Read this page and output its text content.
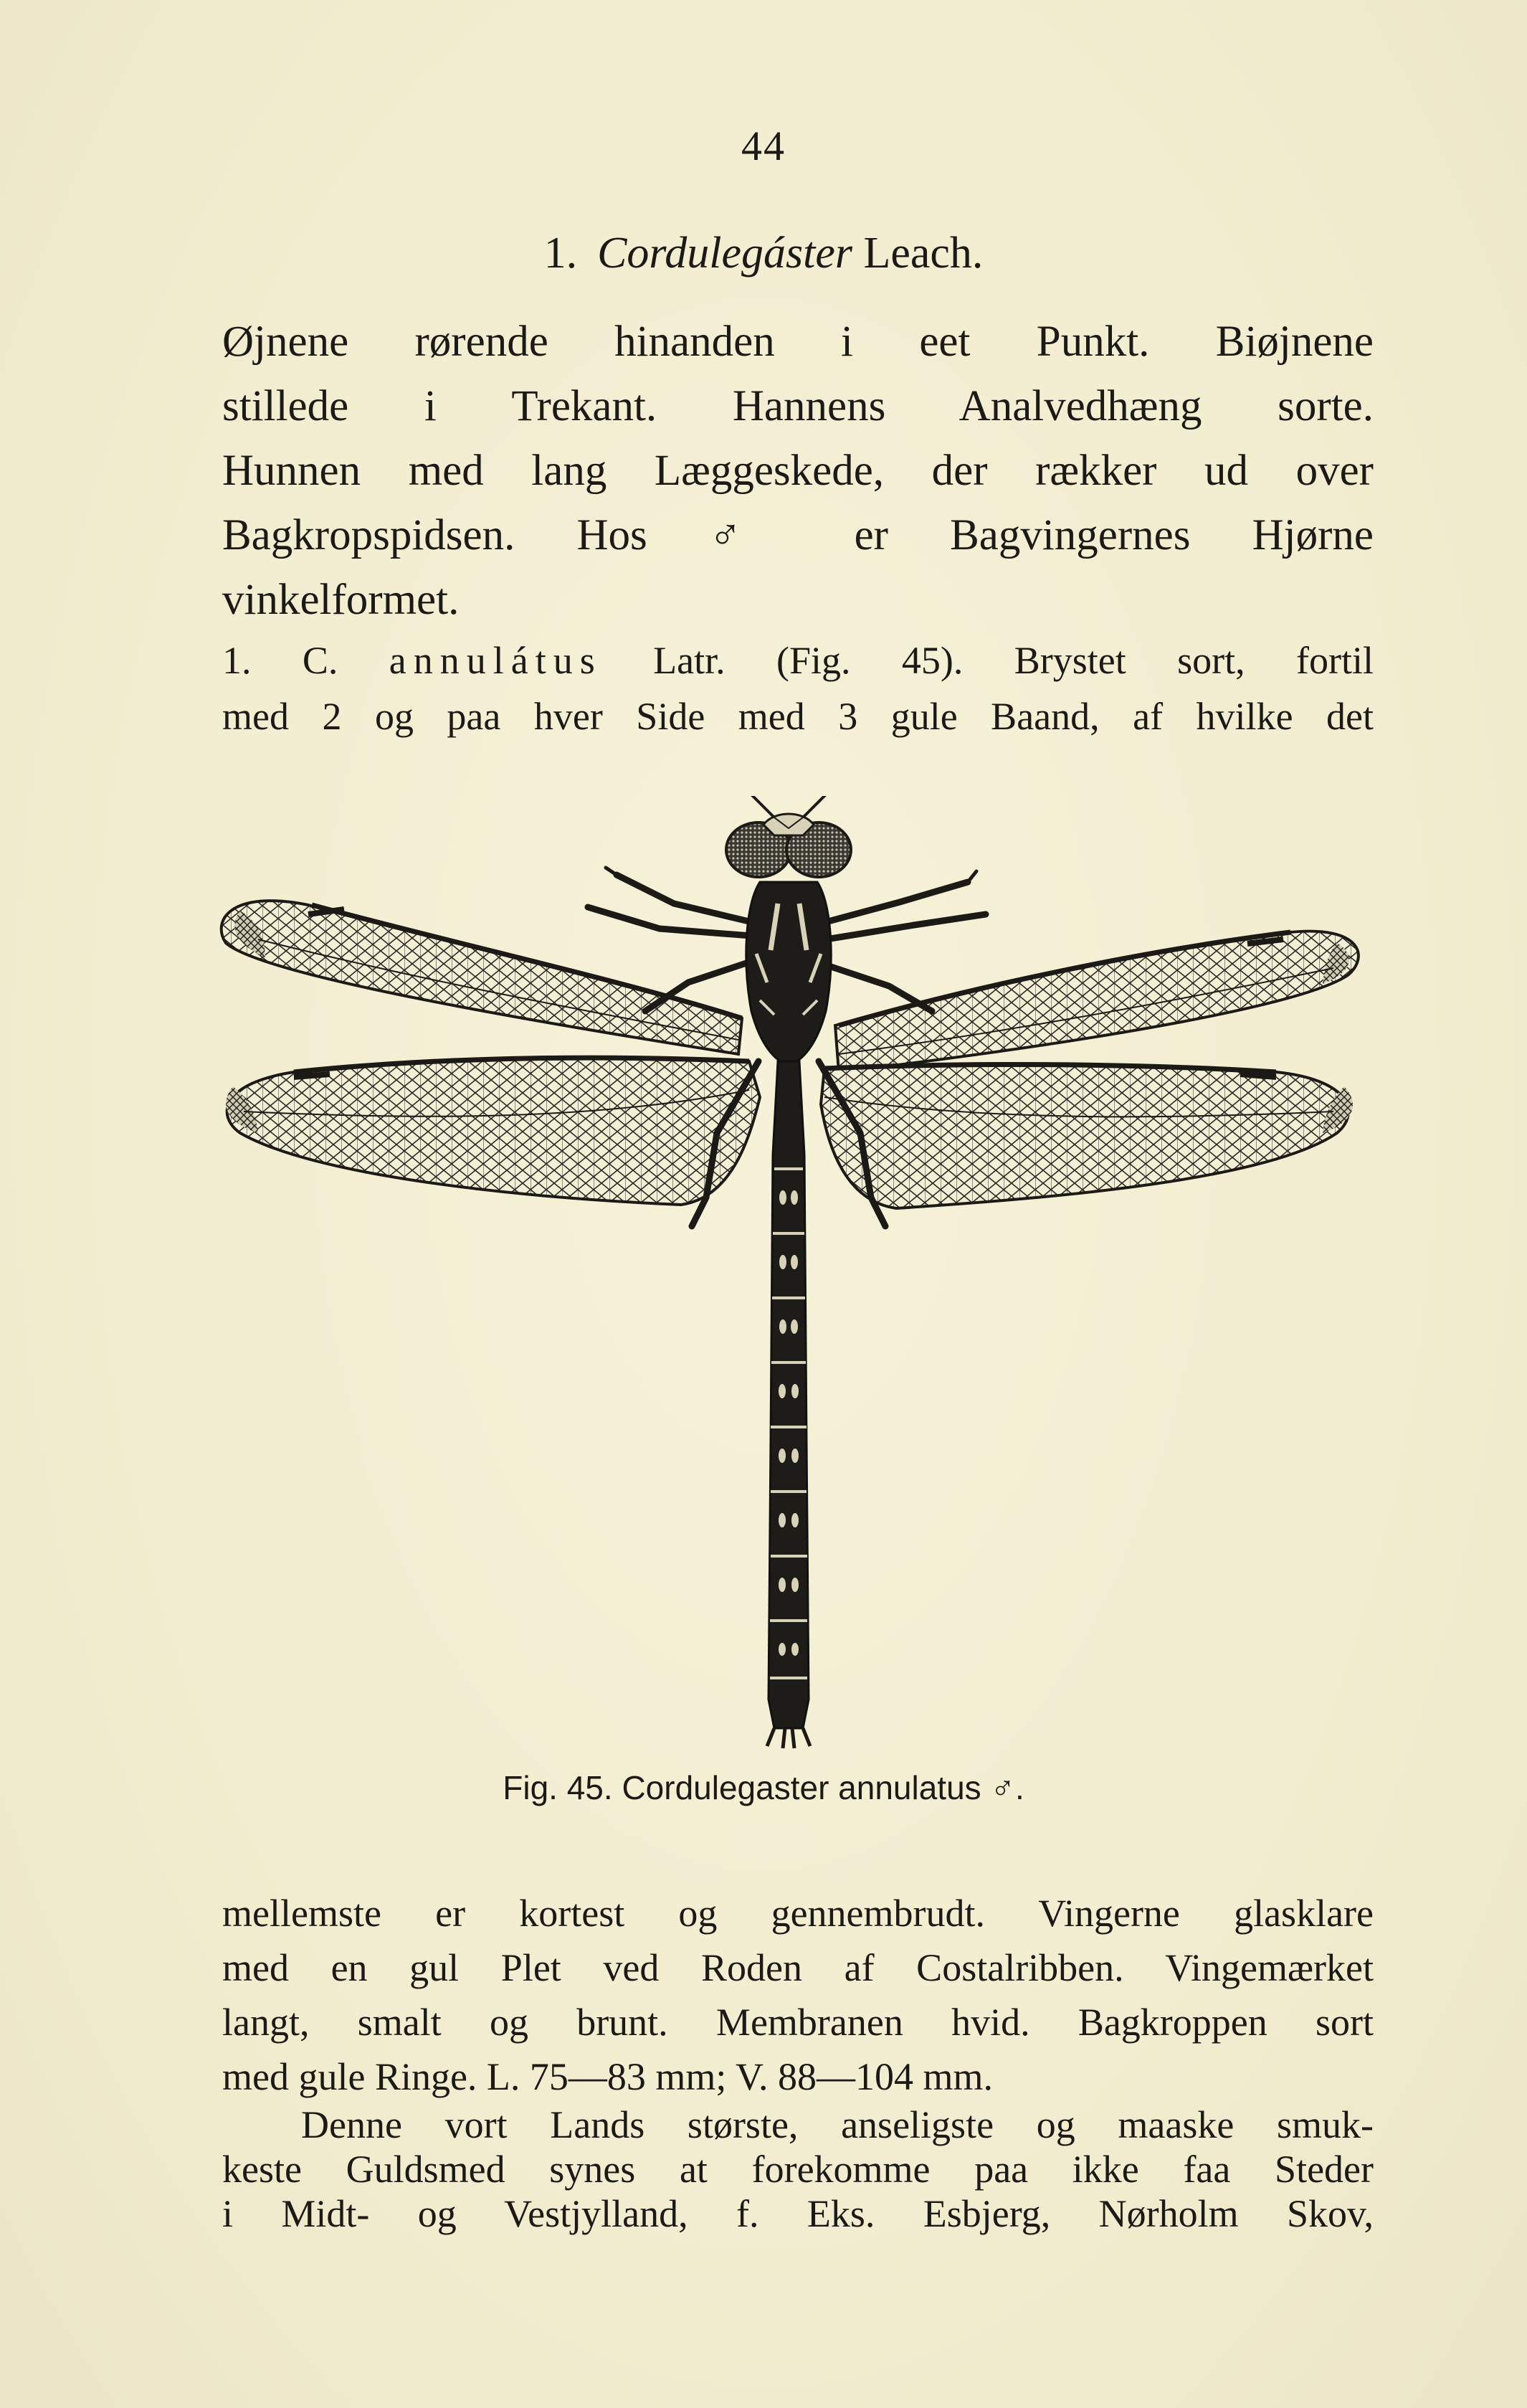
44
1. Cordulegáster Leach.
Øjnene rørende hinanden i eet Punkt. Biøjnene
stillede i Trekant. Hannens Analvedhæng sorte.
Hunnen med lang Læggeskede, der rækker ud over
Bagkropspidsen. Hos ♂ er Bagvingernes Hjørne
vinkelformet.
1. C. annulátus Latr. (Fig. 45). Brystet sort, fortil
med 2 og paa hver Side med 3 gule Baand, af hvilke det
Fig. 45. Cordulegaster annulatus ♂.
mellemste er kortest og gennembrudt. Vingerne glasklare
med en gul Plet ved Roden af Costalribben. Vingemærket
langt, smalt og brunt. Membranen hvid. Bagkroppen sort
med gule Ringe. L. 75—83 mm; V. 88—104 mm.
Denne vort Lands største, anseligste og maaske smuk-
keste Guldsmed synes at forekomme paa ikke faa Steder
i Midt- og Vestjylland, f. Eks. Esbjerg, Nørholm Skov,
